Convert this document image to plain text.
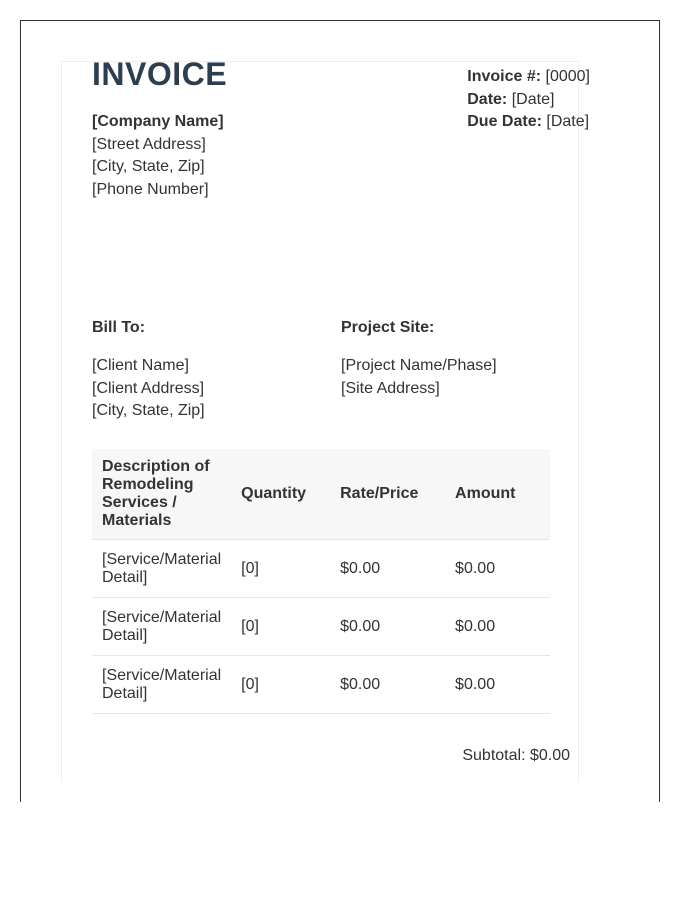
INVOICE
[Company Name]
[Street Address]
[City, State, Zip]
[Phone Number]
Invoice #: [0000]
Date: [Date]
Due Date: [Date]
Bill To:
[Client Name]
[Client Address]
[City, State, Zip]
Project Site:
[Project Name/Phase]
[Site Address]
Description of Remodeling Services / Materials	Quantity	Rate/Price	Amount
[Service/Material Detail]	[0]	$0.00	$0.00
[Service/Material Detail]	[0]	$0.00	$0.00
[Service/Material Detail]	[0]	$0.00	$0.00
Subtotal: $0.00
